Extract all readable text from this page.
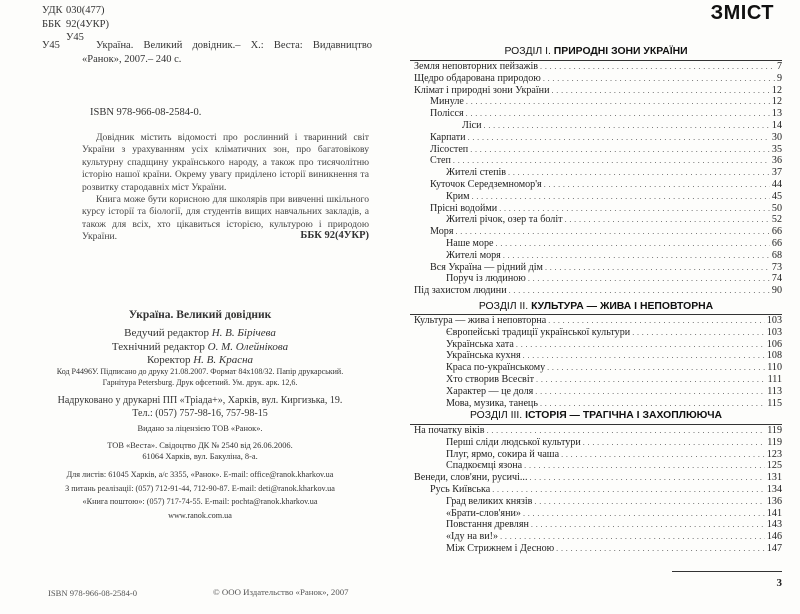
УДК 030(477)
ББК 92(4УКР)
У45
У45	Україна. Великий довідник.– Х.: Веста: Видавництво «Ранок», 2007.– 240 с.
ISBN 978-966-08-2584-0.

Довідник містить відомості про рослинний і тваринний світ України з урахуванням усіх кліматичних зон, про багатовікову культурну спадщину українського народу, а також про тисячолітню історію нашої країни. Окрему увагу приділено історії виникнення та розвитку стародавніх міст України.

Книга може бути корисною для школярів при вивченні шкільного курсу історії та біології, для студентів вищих навчальних закладів, а також для всіх, хто цікавиться історією, культурою і природою України.	ББК 92(4УКР)
Україна. Великий довідник
Ведучий редактор Н. В. Бірічева
Технічний редактор О. М. Олейнікова
Коректор Н. В. Красна
Код Р4496У. Підписано до друку 21.08.2007. Формат 84х108/32. Папір друкарський.
Гарнітура Petersburg. Друк офсетний. Ум. друк. арк. 12,6.
Надруковано у друкарні ПП «Тріада+», Харків, вул. Киргизька, 19.
Тел.: (057) 757-98-16, 757-98-15
Видано за ліцензією ТОВ «Ранок».
ТОВ «Веста». Свідоцтво ДК № 2540 від 26.06.2006.
61064 Харків, вул. Бакуліна, 8-а.
Для листів: 61045 Харків, а/с 3355, «Ранок». E-mail: office@ranok.kharkov.ua
З питань реалізації: (057) 712-91-44, 712-90-87. E-mail: deti@ranok.kharkov.ua
«Книга поштою»: (057) 717-74-55. E-mail: pochta@ranok.kharkov.ua
www.ranok.com.ua
ISBN 978-966-08-2584-0	© ООО Издательство «Ранок», 2007
ЗМІСТ
РОЗДІЛ І. ПРИРОДНІ ЗОНИ УКРАЇНИ
Земля неповторних пейзажів . . .	7
Щедро обдарована природою . . .	9
Клімат і природні зони України . . .	12
Минуле . . .	12
Полісся . . .	13
Ліси . . .	14
Карпати . . .	30
Лісостеп . . .	35
Степ . . .	36
Жителі степів . . .	37
Куточок Середземномор'я . . .	44
Крим . . .	45
Прісні водойми . . .	50
Жителі річок, озер та боліт . . .	52
Моря . . .	66
Наше море . . .	66
Жителі моря . . .	68
Вся Україна — рідний дім . . .	73
Поруч із людиною . . .	74
Під захистом людини . . .	90
РОЗДІЛ ІІ. КУЛЬТУРА — ЖИВА І НЕПОВТОРНА
Культура — жива і неповторна . . .	103
Європейські традиції української культури . . .	103
Українська хата . . .	106
Українська кухня . . .	108
Краса по-українському . . .	110
Хто створив Всесвіт . . .	111
Характер — це доля . . .	113
Мова, музика, танець . . .	115
РОЗДІЛ ІІІ. ІСТОРІЯ — ТРАГІЧНА І ЗАХОПЛЮЮЧА
На початку віків . . .	119
Перші сліди людської культури . . .	119
Плуг, ярмо, сокира й чаша . . .	123
Спадкоємці язона . . .	125
Венеди, слов'яни, русичі... . . .	131
Русь Київська . . .	134
Град великих князів . . .	136
«Брати-слов'яни» . . .	141
Повстання древлян . . .	143
«Іду на ви!» . . .	146
Між Стрижнем і Десною . . .	147
3
